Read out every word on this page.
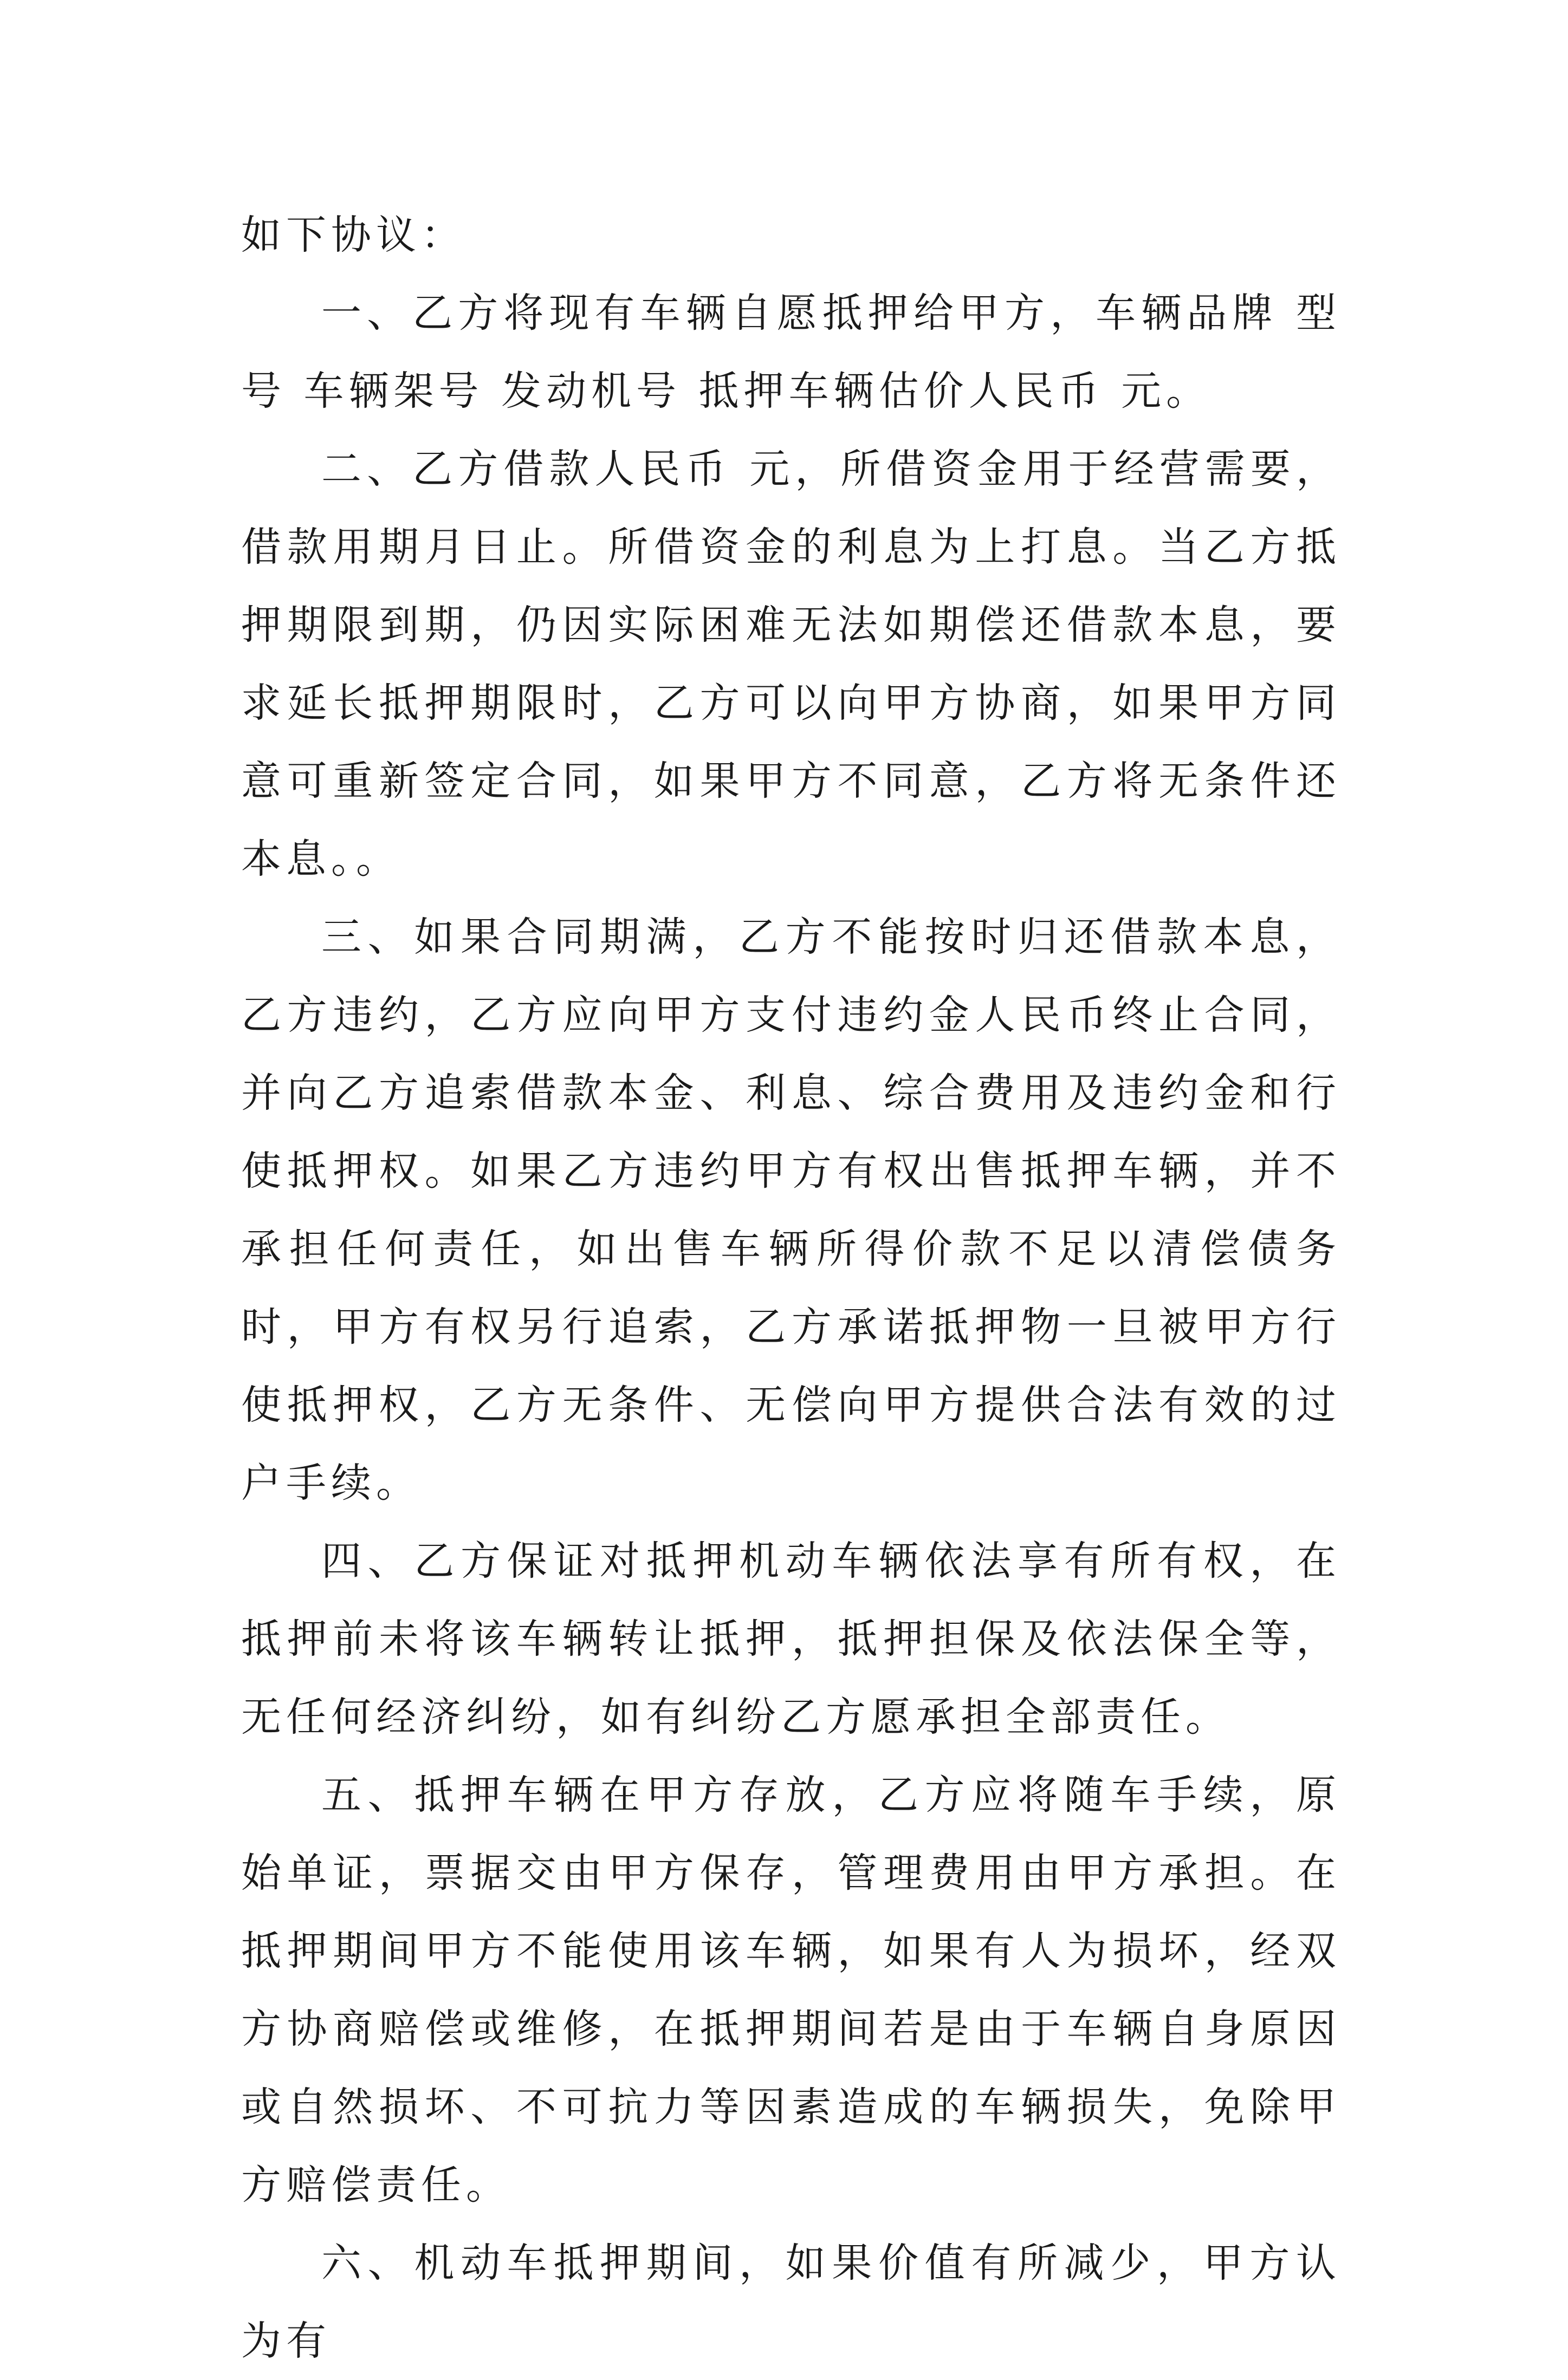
如下协议：

一、乙方将现有车辆自愿抵押给甲方，车辆品牌 型号 车辆架号 发动机号 抵押车辆估价人民币 元。

二、乙方借款人民币 元，所借资金用于经营需要，借款用期月日止。所借资金的利息为上打息。当乙方抵押期限到期，仍因实际困难无法如期偿还借款本息，要求延长抵押期限时，乙方可以向甲方协商，如果甲方同意可重新签定合同，如果甲方不同意，乙方将无条件还本息。。

三、如果合同期满，乙方不能按时归还借款本息，乙方违约，乙方应向甲方支付违约金人民币终止合同，并向乙方追索借款本金、利息、综合费用及违约金和行使抵押权。如果乙方违约甲方有权出售抵押车辆，并不承担任何责任，如出售车辆所得价款不足以清偿债务时，甲方有权另行追索，乙方承诺抵押物一旦被甲方行使抵押权，乙方无条件、无偿向甲方提供合法有效的过户手续。

四、乙方保证对抵押机动车辆依法享有所有权，在抵押前未将该车辆转让抵押，抵押担保及依法保全等，无任何经济纠纷，如有纠纷乙方愿承担全部责任。

五、抵押车辆在甲方存放，乙方应将随车手续，原始单证，票据交由甲方保存，管理费用由甲方承担。在抵押期间甲方不能使用该车辆，如果有人为损坏，经双方协商赔偿或维修，在抵押期间若是由于车辆自身原因或自然损坏、不可抗力等因素造成的车辆损失，免除甲方赔偿责任。

六、机动车抵押期间，如果价值有所减少，甲方认为有
